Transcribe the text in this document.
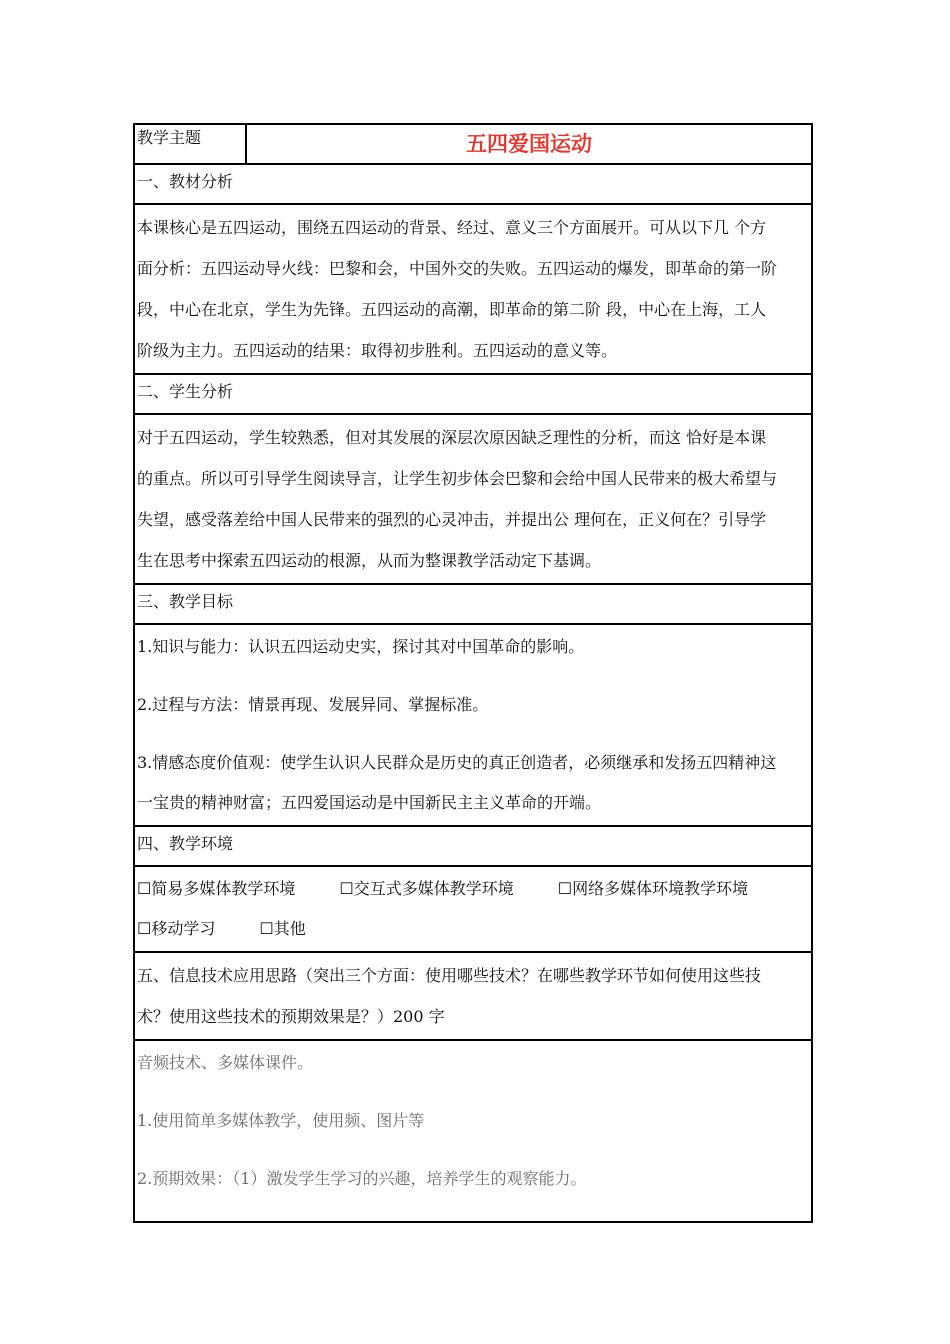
教学主题	五四爱国运动
一、教材分析

本课核心是五四运动，围绕五四运动的背景、经过、意义三个方面展开。可从以下几 个方

面分析：五四运动导火线：巴黎和会，中国外交的失败。五四运动的爆发，即革命的第一阶

段，中心在北京，学生为先锋。五四运动的高潮，即革命的第二阶 段，中心在上海，工人

阶级为主力。五四运动的结果：取得初步胜利。五四运动的意义等。

二、学生分析

对于五四运动，学生较熟悉，但对其发展的深层次原因缺乏理性的分析，而这 恰好是本课

的重点。所以可引导学生阅读导言，让学生初步体会巴黎和会给中国人民带来的极大希望与

失望，感受落差给中国人民带来的强烈的心灵冲击，并提出公 理何在，正义何在？引导学

生在思考中探索五四运动的根源，从而为整课教学活动定下基调。

三、教学目标

1.知识与能力：认识五四运动史实，探讨其对中国革命的影响。

2.过程与方法：情景再现、发展异同、掌握标准。

3.情感态度价值观：使学生认识人民群众是历史的真正创造者，必须继承和发扬五四精神这

一宝贵的精神财富；五四爱国运动是中国新民主主义革命的开端。

四、教学环境

☐简易多媒体教学环境	☐交互式多媒体教学环境	☐网络多媒体环境教学环境
☐移动学习	☐其他

五、信息技术应用思路（突出三个方面：使用哪些技术？在哪些教学环节如何使用这些技

术？使用这些技术的预期效果是？）200 字

音频技术、多媒体课件。

1.使用简单多媒体教学，使用频、图片等

2.预期效果：（1）激发学生学习的兴趣，培养学生的观察能力。
